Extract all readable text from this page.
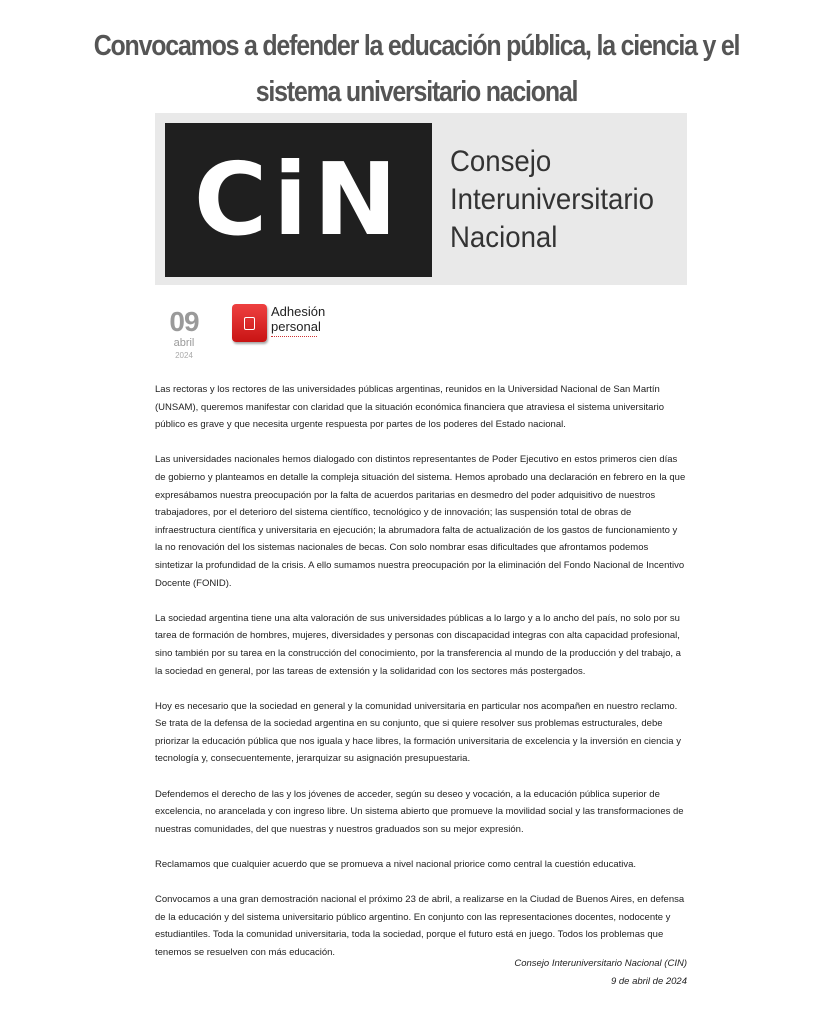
Convocamos a defender la educación pública, la ciencia y el sistema universitario nacional
CiN Consejo
Interuniversitario
Nacional
09
abril
2024
Adhesión
personal

Las rectoras y los rectores de las universidades públicas argentinas, reunidos en la Universidad Nacional de San Martín (UNSAM), queremos manifestar con claridad que la situación económica financiera que atraviesa el sistema universitario público es grave y que necesita urgente respuesta por partes de los poderes del Estado nacional.

Las universidades nacionales hemos dialogado con distintos representantes de Poder Ejecutivo en estos primeros cien días de gobierno y planteamos en detalle la compleja situación del sistema. Hemos aprobado una declaración en febrero en la que expresábamos nuestra preocupación por la falta de acuerdos paritarias en desmedro del poder adquisitivo de nuestros trabajadores, por el deterioro del sistema científico, tecnológico y de innovación; las suspensión total de obras de infraestructura científica y universitaria en ejecución; la abrumadora falta de actualización de los gastos de funcionamiento y la no renovación del los sistemas nacionales de becas. Con solo nombrar esas dificultades que afrontamos podemos sintetizar la profundidad de la crisis. A ello sumamos nuestra preocupación por la eliminación del Fondo Nacional de Incentivo Docente (FONID).

La sociedad argentina tiene una alta valoración de sus universidades públicas a lo largo y a lo ancho del país, no solo por su tarea de formación de hombres, mujeres, diversidades y personas con discapacidad integras con alta capacidad profesional, sino también por su tarea en la construcción del conocimiento, por la transferencia al mundo de la producción y del trabajo, a la sociedad en general, por las tareas de extensión y la solidaridad con los sectores más postergados.

Hoy es necesario que la sociedad en general y la comunidad universitaria en particular nos acompañen en nuestro reclamo. Se trata de la defensa de la sociedad argentina en su conjunto, que si quiere resolver sus problemas estructurales, debe priorizar la educación pública que nos iguala y hace libres, la formación universitaria de excelencia y la inversión en ciencia y tecnología y, consecuentemente, jerarquizar su asignación presupuestaria.

Defendemos el derecho de las y los jóvenes de acceder, según su deseo y vocación, a la educación pública superior de excelencia, no arancelada y con ingreso libre. Un sistema abierto que promueve la movilidad social y las transformaciones de nuestras comunidades, del que nuestras y nuestros graduados son su mejor expresión.

Reclamamos que cualquier acuerdo que se promueva a nivel nacional priorice como central la cuestión educativa.

Convocamos a una gran demostración nacional el próximo 23 de abril, a realizarse en la Ciudad de Buenos Aires, en defensa de la educación y del sistema universitario público argentino. En conjunto con las representaciones docentes, nodocente y estudiantiles. Toda la comunidad universitaria, toda la sociedad, porque el futuro está en juego. Todos los problemas que tenemos se resuelven con más educación.

Consejo Interuniversitario Nacional (CIN)
9 de abril de 2024
